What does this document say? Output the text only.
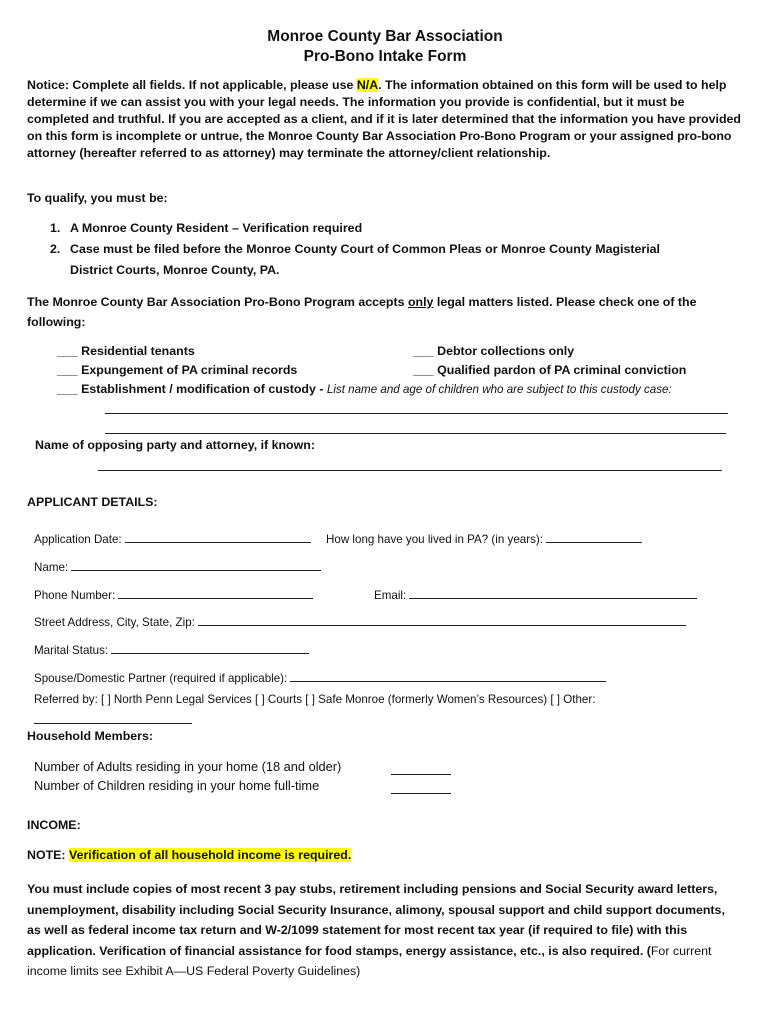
Monroe County Bar Association
Pro-Bono Intake Form
Notice: Complete all fields. If not applicable, please use N/A. The information obtained on this form will be used to help determine if we can assist you with your legal needs. The information you provide is confidential, but it must be completed and truthful. If you are accepted as a client, and if it is later determined that the information you have provided on this form is incomplete or untrue, the Monroe County Bar Association Pro-Bono Program or your assigned pro-bono attorney (hereafter referred to as attorney) may terminate the attorney/client relationship.
To qualify, you must be:
1. A Monroe County Resident – Verification required
2. Case must be filed before the Monroe County Court of Common Pleas or Monroe County Magisterial
District Courts, Monroe County, PA.
The Monroe County Bar Association Pro-Bono Program accepts only legal matters listed. Please check one of the following:
___ Residential tenants	___ Debtor collections only
___ Expungement of PA criminal records	___ Qualified pardon of PA criminal conviction
___ Establishment / modification of custody - List name and age of children who are subject to this custody case:
Name of opposing party and attorney, if known:
APPLICANT DETAILS:
Application Date:	How long have you lived in PA? (in years):
Name:
Phone Number:	Email:
Street Address, City, State, Zip:
Marital Status:
Spouse/Domestic Partner (required if applicable):
Referred by: [ ] North Penn Legal Services [ ] Courts [ ] Safe Monroe (formerly Women’s Resources) [ ] Other:
Household Members:
Number of Adults residing in your home (18 and older)
Number of Children residing in your home full-time
INCOME:
NOTE: Verification of all household income is required.
You must include copies of most recent 3 pay stubs, retirement including pensions and Social Security award letters, unemployment, disability including Social Security Insurance, alimony, spousal support and child support documents, as well as federal income tax return and W-2/1099 statement for most recent tax year (if required to file) with this application. Verification of financial assistance for food stamps, energy assistance, etc., is also required. (For current income limits see Exhibit A—US Federal Poverty Guidelines)
